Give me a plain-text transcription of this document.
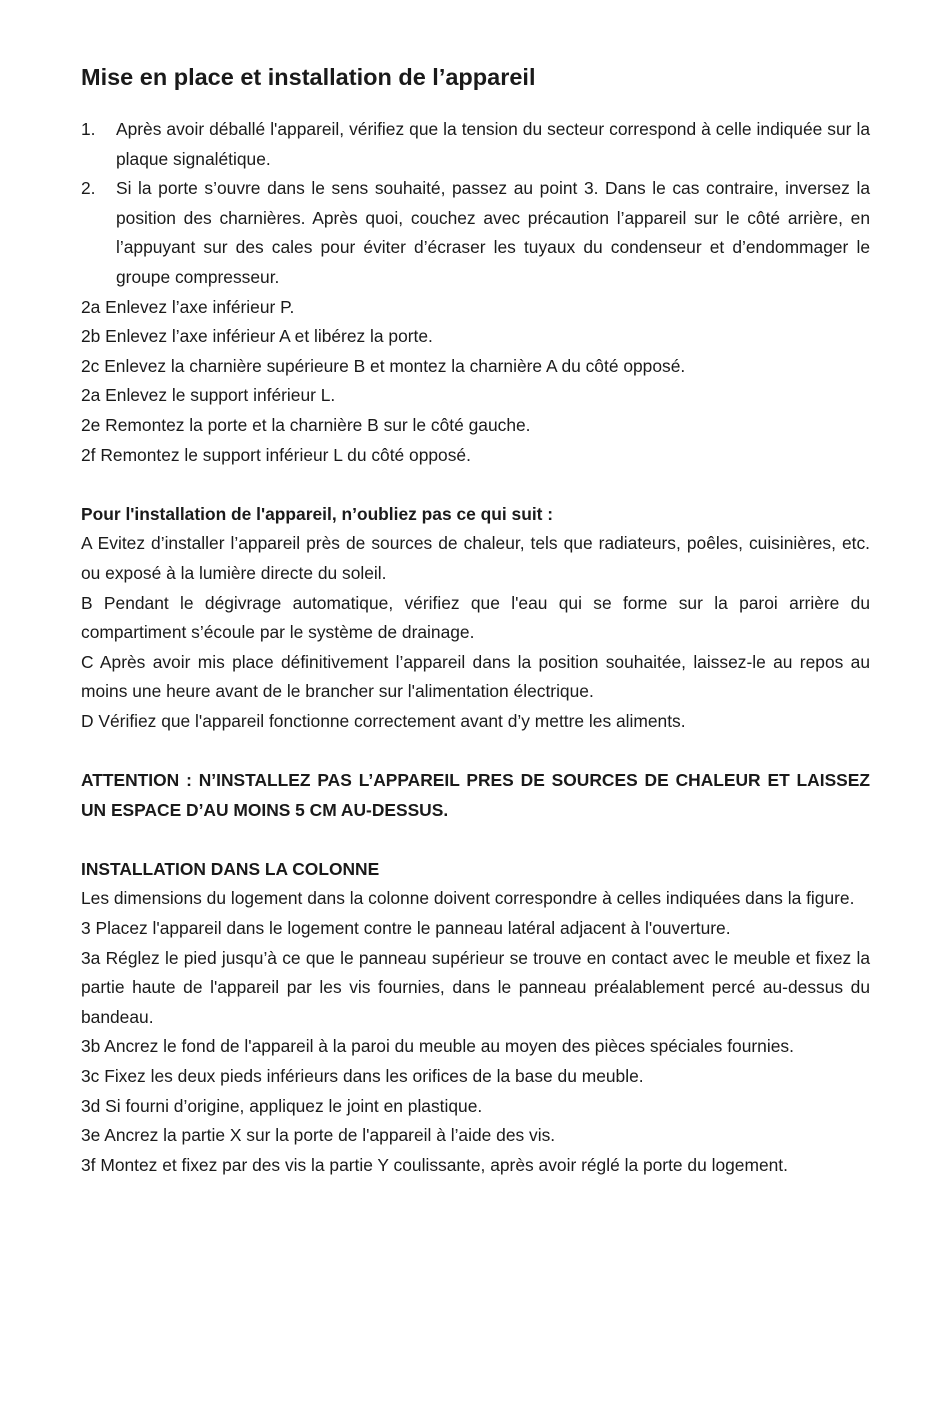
Mise en place et installation de l’appareil
1.	Après avoir déballé l'appareil, vérifiez que la tension du secteur correspond à celle indiquée sur la plaque signalétique.
2.	Si la porte s’ouvre dans le sens souhaité, passez au point 3. Dans le cas contraire, inversez la position des charnières. Après quoi, couchez avec précaution l’appareil sur le côté arrière, en l’appuyant sur des cales pour éviter d’écraser les tuyaux du condenseur et d’endommager le groupe compresseur.

2a Enlevez l’axe inférieur P.

2b Enlevez l’axe inférieur A et libérez la porte.

2c Enlevez la charnière supérieure B et montez la charnière A du côté opposé.

2a Enlevez le support inférieur L.

2e Remontez la porte et la charnière B sur le côté gauche.

2f Remontez le support inférieur L du côté opposé.

Pour l'installation de l'appareil, n’oubliez pas ce qui suit :

A Evitez d’installer l’appareil près de sources de chaleur, tels que radiateurs, poêles, cuisinières, etc. ou exposé à la lumière directe du soleil.

B Pendant le dégivrage automatique, vérifiez que l'eau qui se forme sur la paroi arrière du compartiment s’écoule par le système de drainage.

C Après avoir mis place définitivement l’appareil dans la position souhaitée, laissez-le au repos au moins une heure avant de le brancher sur l'alimentation électrique.

D Vérifiez que l'appareil fonctionne correctement avant d’y mettre les aliments.

ATTENTION : N’INSTALLEZ PAS L’APPAREIL PRES DE SOURCES DE CHALEUR ET LAISSEZ UN ESPACE D’AU MOINS 5 CM AU-DESSUS.

INSTALLATION DANS LA COLONNE

Les dimensions du logement dans la colonne doivent correspondre à celles indiquées dans la figure.

3 Placez l'appareil dans le logement contre le panneau latéral adjacent à l'ouverture.

3a Réglez le pied jusqu’à ce que le panneau supérieur se trouve en contact avec le meuble et fixez la partie haute de l'appareil par les vis fournies, dans le panneau préalablement percé au-dessus du bandeau.

3b Ancrez le fond de l'appareil à la paroi du meuble au moyen des pièces spéciales fournies.

3c Fixez les deux pieds inférieurs dans les orifices de la base du meuble.

3d Si fourni d’origine, appliquez le joint en plastique.

3e Ancrez la partie X sur la porte de l'appareil à l’aide des vis.

3f Montez et fixez par des vis la partie Y coulissante, après avoir réglé la porte du logement.
